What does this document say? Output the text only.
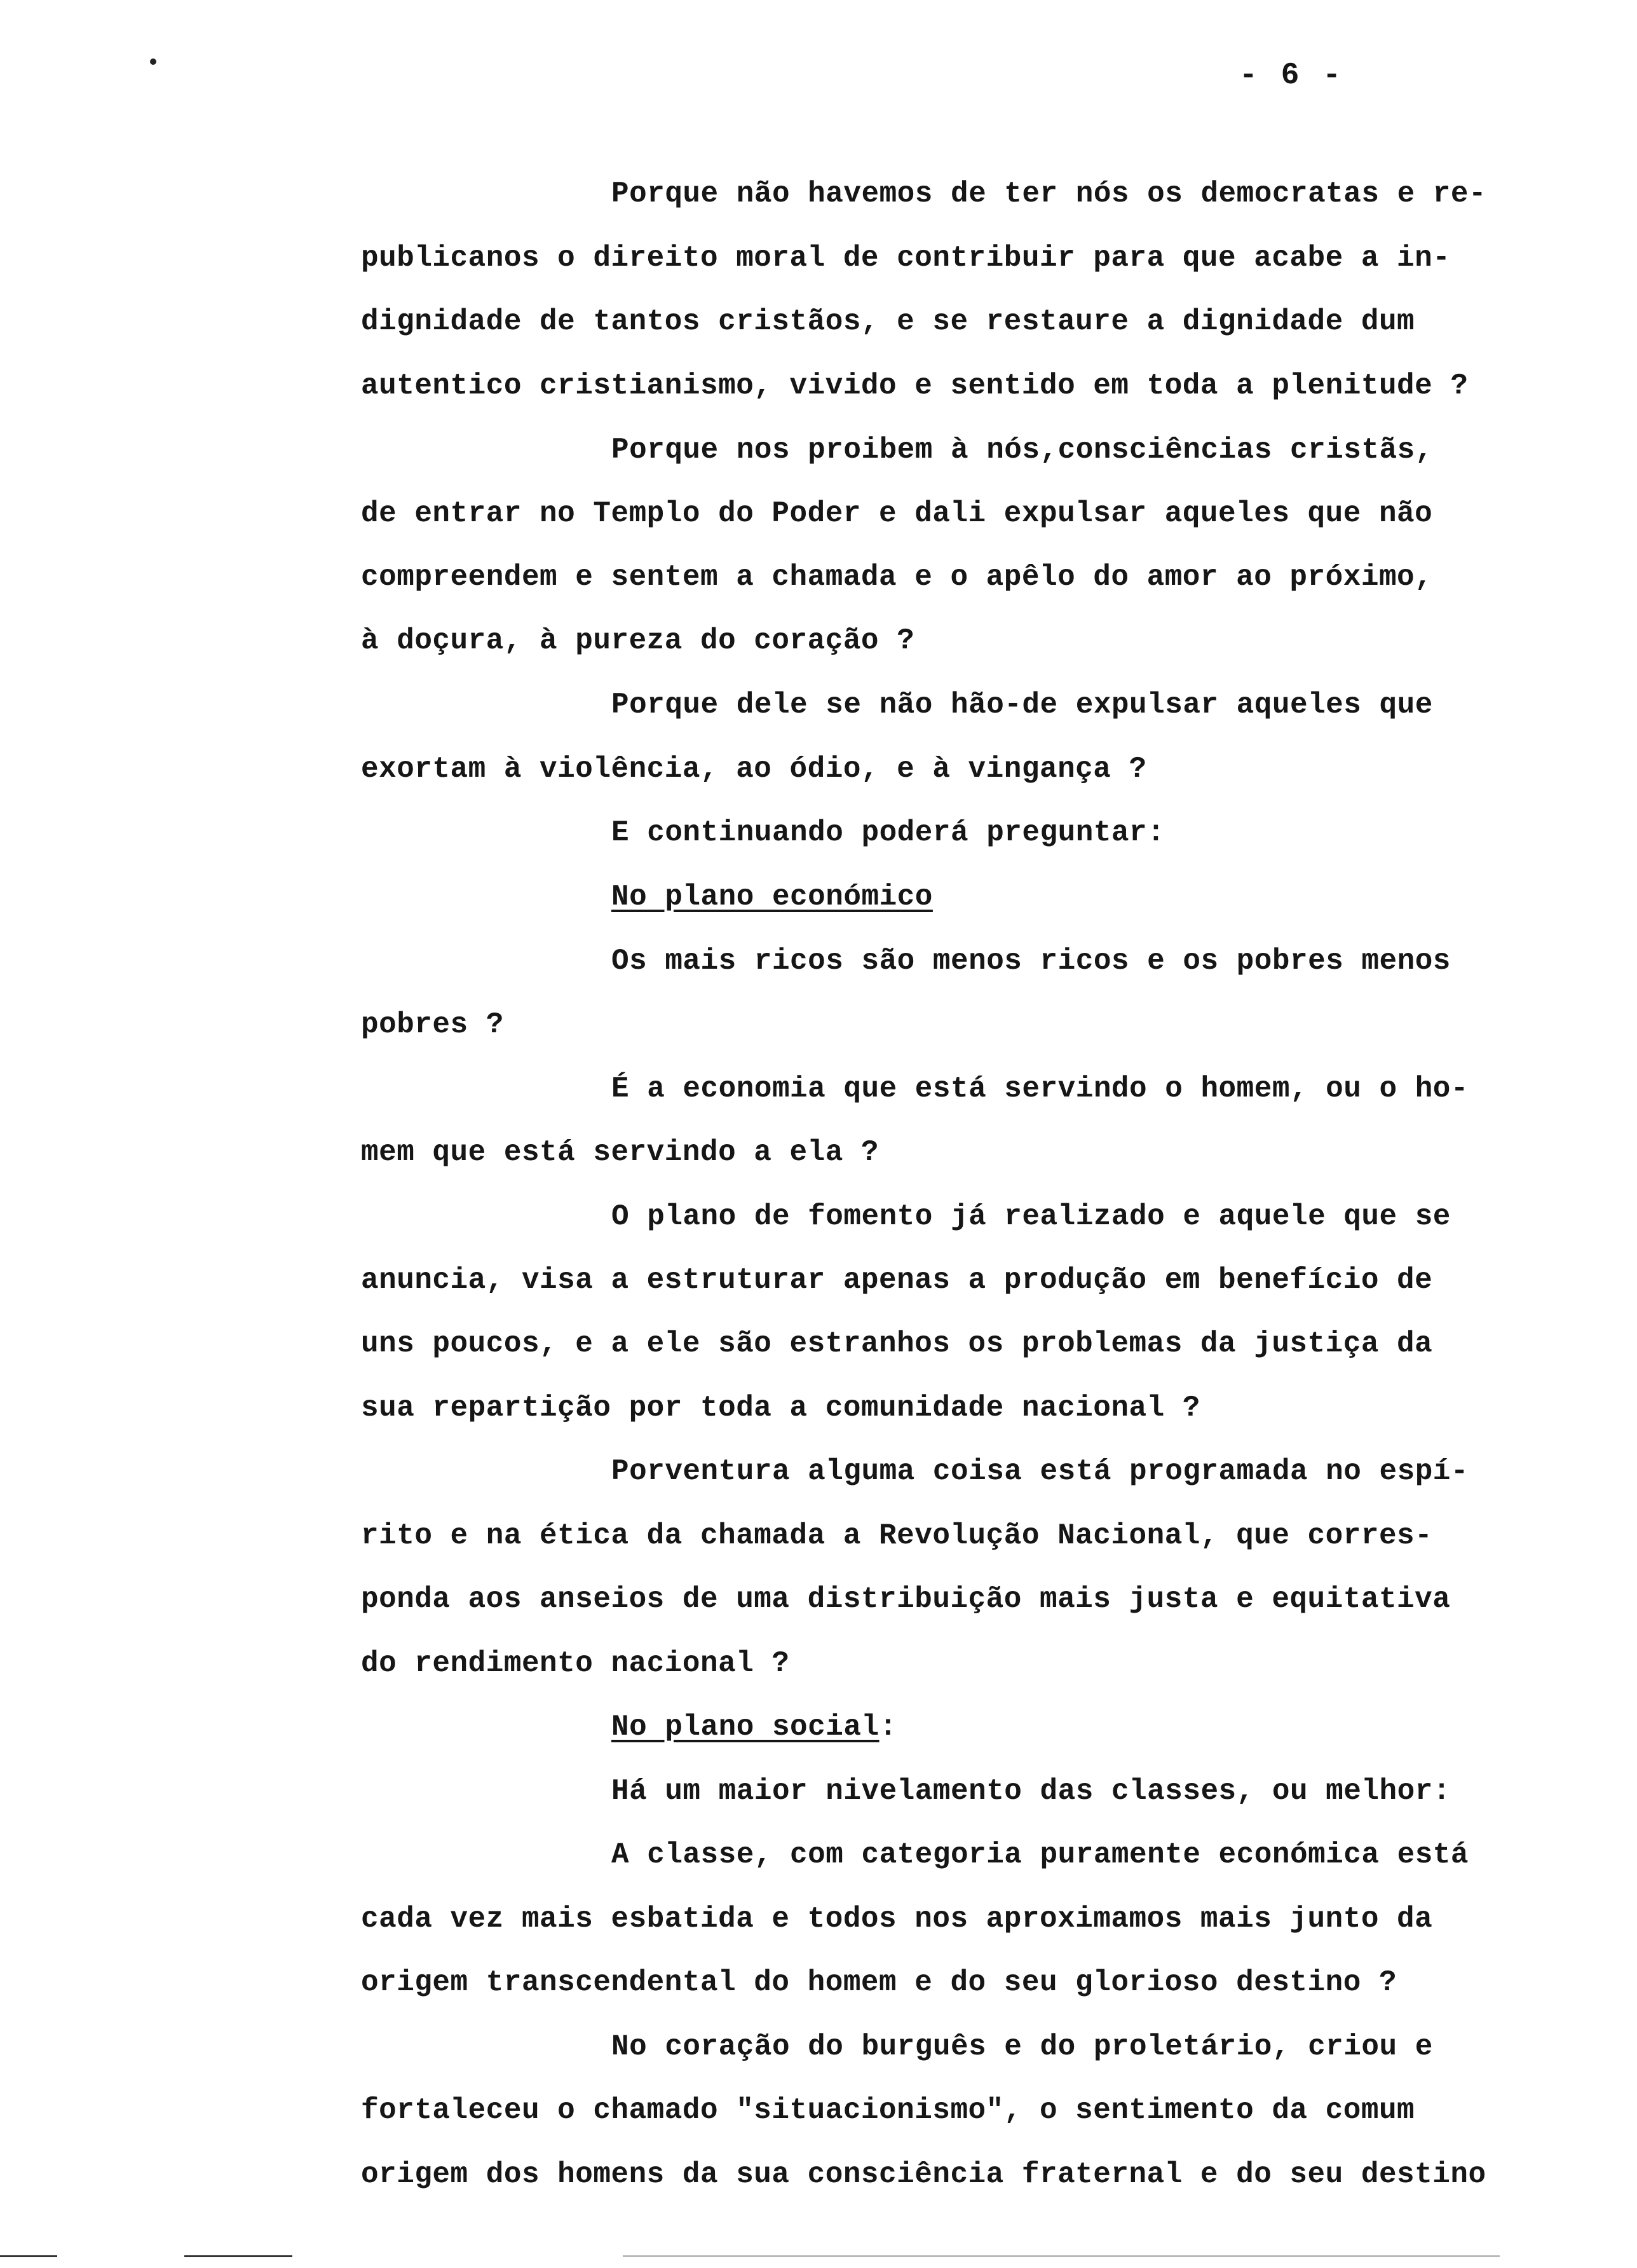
- 6 -
Porque não havemos de ter nós os democratas e re-
publicanos o direito moral de contribuir para que acabe a in-
dignidade de tantos cristãos, e se restaure a dignidade dum
autentico cristianismo, vivido e sentido em toda a plenitude ?
Porque nos proibem à nós,consciências cristãs,
de entrar no Templo do Poder e dali expulsar aqueles que não
compreendem e sentem a chamada e o apêlo do amor ao próximo,
à doçura, à pureza do coração ?
Porque dele se não hão-de expulsar aqueles que
exortam à violência, ao ódio, e à vingança ?
E continuando poderá preguntar:
No plano económico
Os mais ricos são menos ricos e os pobres menos
pobres ?
É a economia que está servindo o homem, ou o ho-
mem que está servindo a ela ?
O plano de fomento já realizado e aquele que se
anuncia, visa a estruturar apenas a produção em benefício de
uns poucos, e a ele são estranhos os problemas da justiça da
sua repartição por toda a comunidade nacional ?
Porventura alguma coisa está programada no espí-
rito e na ética da chamada a Revolução Nacional, que corres-
ponda aos anseios de uma distribuição mais justa e equitativa
do rendimento nacional ?
No plano social:
Há um maior nivelamento das classes, ou melhor:
A classe, com categoria puramente económica está
cada vez mais esbatida e todos nos aproximamos mais junto da
origem transcendental do homem e do seu glorioso destino ?
No coração do burguês e do proletário, criou e
fortaleceu o chamado "situacionismo", o sentimento da comum
origem dos homens da sua consciência fraternal e do seu destino
